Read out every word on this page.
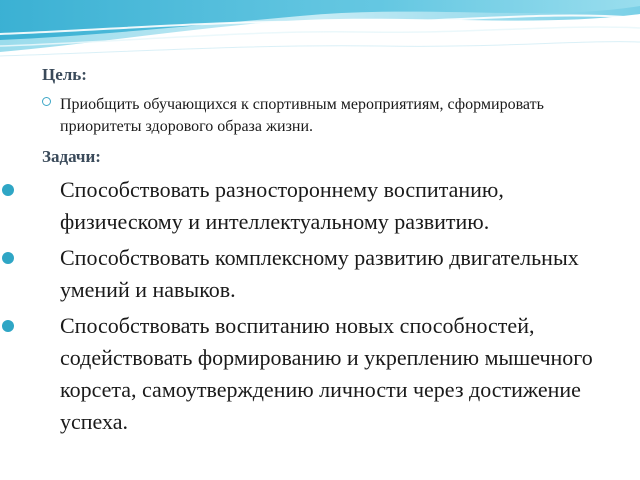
Цель:
Приобщить обучающихся к спортивным мероприятиям, сформировать приоритеты здорового образа жизни.
Задачи:
Способствовать разностороннему воспитанию, физическому и интеллектуальному развитию.
Способствовать комплексному развитию двигательных умений и навыков.
Способствовать воспитанию новых способностей, содействовать формированию и укреплению мышечного корсета, самоутверждению личности через достижение успеха.
